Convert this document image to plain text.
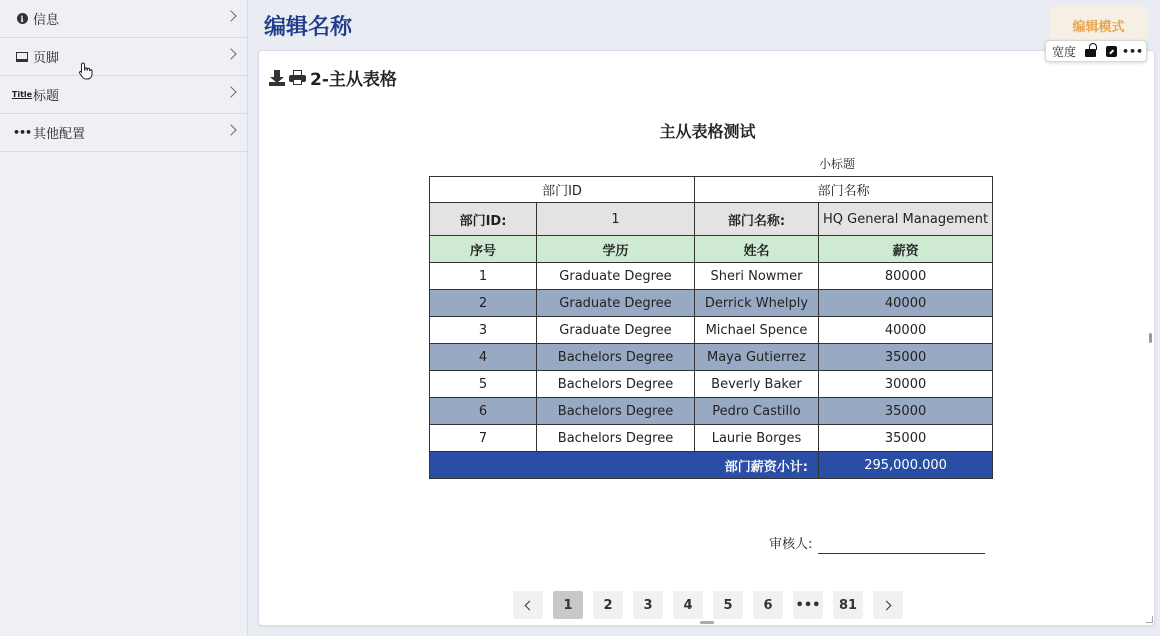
i 信息
页脚
Title 标题
••• 其他配置
编辑名称	编辑模式
宽度	•••
2-主从表格
主从表格测试
小标题
部门ID		部门名称	
部门ID:	1	部门名称:	HQ General Management
序号	学历	姓名	薪资
1	Graduate Degree	Sheri Nowmer	80000
2	Graduate Degree	Derrick Whelply	40000
3	Graduate Degree	Michael Spence	40000
4	Bachelors Degree	Maya Gutierrez	35000
5	Bachelors Degree	Beverly Baker	30000
6	Bachelors Degree	Pedro Castillo	35000
7	Bachelors Degree	Laurie Borges	35000
部门薪资小计:			295,000.000
审核人:
1	2	3	4	5	6	•••	81
